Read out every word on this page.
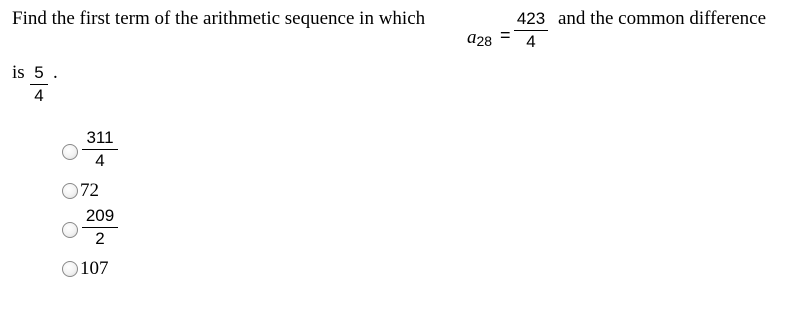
Find the first term of the arithmetic sequence in which
a28 =
423
4
and the common difference
is 5
4
.
311
4
72
209
2
107
